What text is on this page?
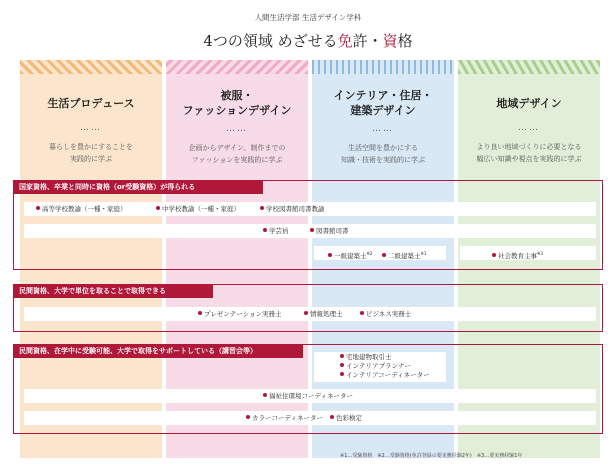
人間生活学部 生活デザイン学科
4つの領域 めざせる免許・資格
生活プロデュース
……
暮らしを豊かにすることを
実践的に学ぶ
被服・
ファッションデザイン
……
企画からデザイン、制作までの
ファッションを実践的に学ぶ
インテリア・住居・
建築デザイン
……
生活空間を豊かにする
知識・技術を実践的に学ぶ
地域デザイン
……
より良い地域づくりに必要となる
幅広い知識や視点を実践的に学ぶ
国家資格、卒業と同時に資格（or受験資格）が得られる
高等学校教諭（一種・家庭）	中学校教諭（一種・家庭）	学校図書館司書教諭
学芸員	図書館司書
一級建築士$^{※2}$	二級建築士$^{※1}$	社会教育主事$^{※3}$
民間資格、大学で単位を取ることで取得できる
プレゼンテーション実務士	情報処理士	ビジネス実務士
民間資格、在学中に受験可能、大学で取得をサポートしている（講習会等）
宅地建物取引士
インテリアプランナー
インテリアコーディネーター
福祉住環境コーディネーター
カラーコーディネーター	色彩検定
※1…受験資格　※2…受験資格(免許登録の要実務経験2年)　※3…要実務経験1年
